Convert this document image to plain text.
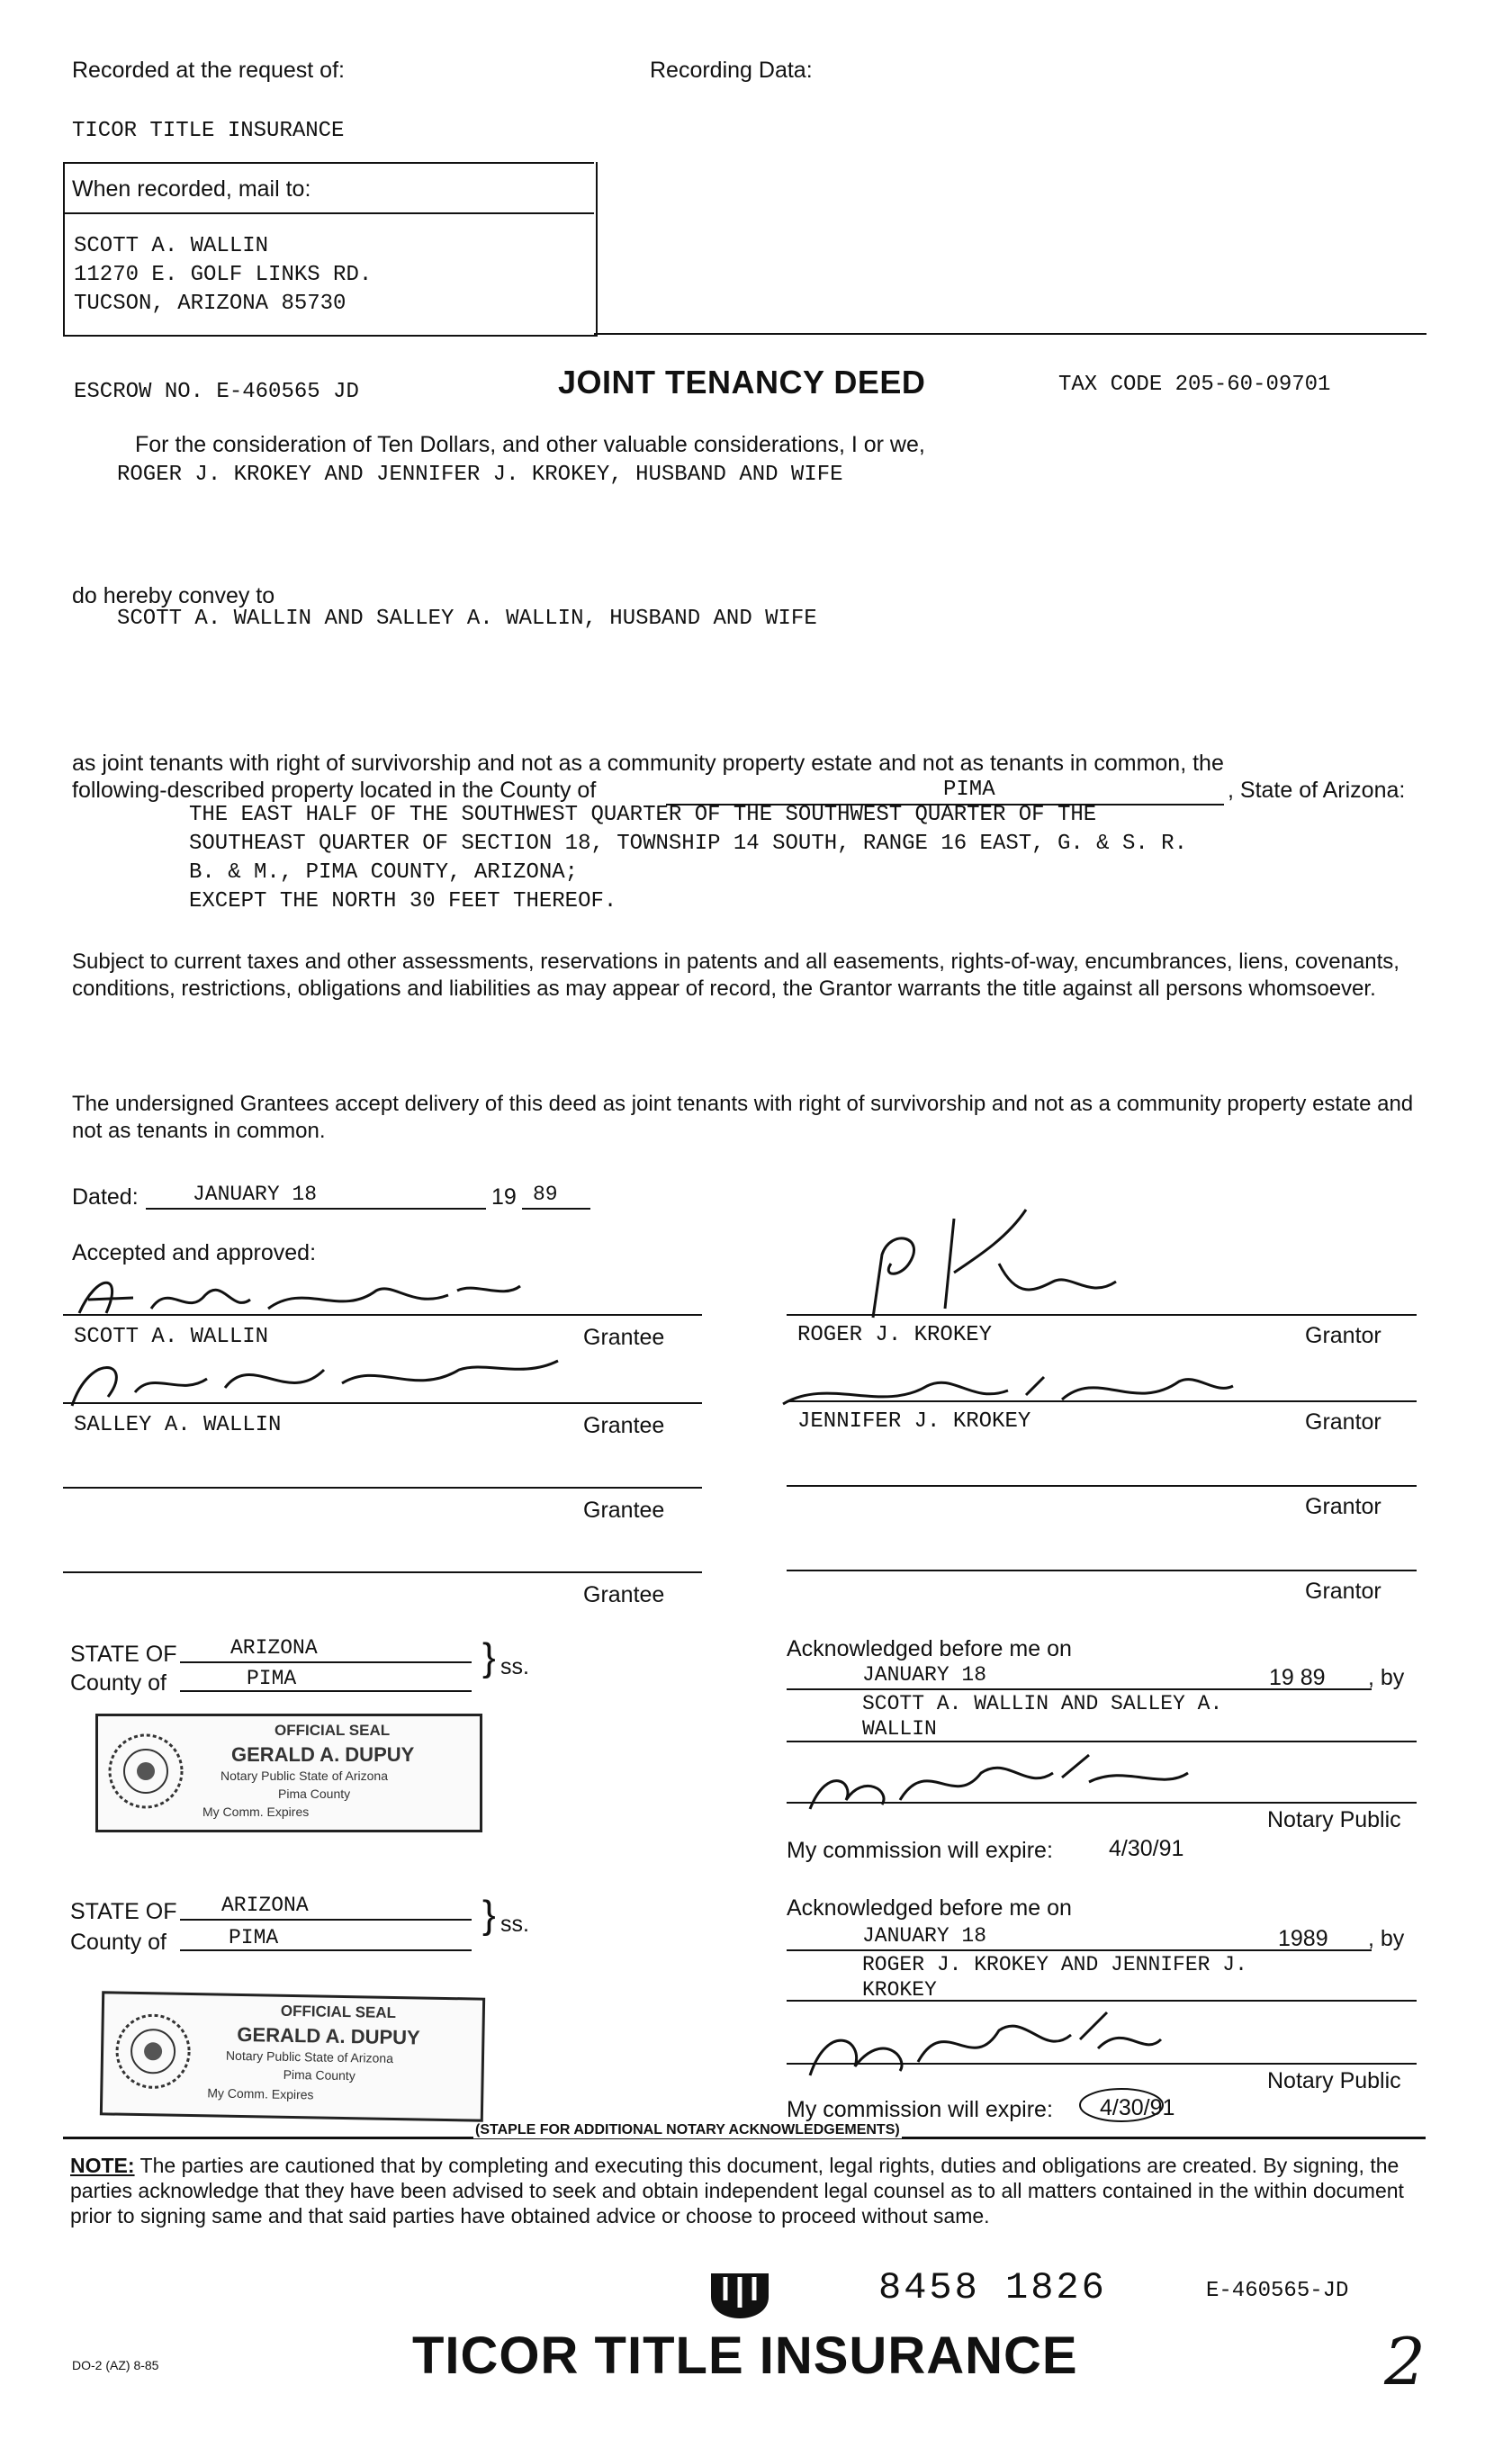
Recorded at the request of:	Recording Data:
TICOR TITLE INSURANCE
When recorded, mail to:
SCOTT A. WALLIN
11270 E. GOLF LINKS RD.
TUCSON, ARIZONA 85730
ESCROW NO. E-460565 JD	JOINT TENANCY DEED	TAX CODE 205-60-09701
For the consideration of Ten Dollars, and other valuable considerations, I or we,
ROGER J. KROKEY AND JENNIFER J. KROKEY, HUSBAND AND WIFE
do hereby convey to
SCOTT A. WALLIN AND SALLEY A. WALLIN, HUSBAND AND WIFE
as joint tenants with right of survivorship and not as a community property estate and not as tenants in common, the
following-described property located in the County of	PIMA	, State of Arizona:
THE EAST HALF OF THE SOUTHWEST QUARTER OF THE SOUTHWEST QUARTER OF THE
SOUTHEAST QUARTER OF SECTION 18, TOWNSHIP 14 SOUTH, RANGE 16 EAST, G. & S. R.
B. & M., PIMA COUNTY, ARIZONA;
EXCEPT THE NORTH 30 FEET THEREOF.
Subject to current taxes and other assessments, reservations in patents and all easements, rights-of-way, encumbrances, liens, covenants, conditions, restrictions, obligations and liabilities as may appear of record, the Grantor warrants the title against all persons whomsoever.
The undersigned Grantees accept delivery of this deed as joint tenants with right of survivorship and not as a community property estate and not as tenants in common.
Dated:	JANUARY 18	19 89
Accepted and approved:
SCOTT A. WALLIN	Grantee
SALLEY A. WALLIN	Grantee
Grantee
Grantee
ROGER J. KROKEY	Grantor
JENNIFER J. KROKEY	Grantor
Grantor
Grantor
STATE OF	ARIZONA
County of	PIMA	} ss.
OFFICIAL SEAL
GERALD A. DUPUY
Notary Public State of Arizona
Pima County
My Comm. Expires
Acknowledged before me on
JANUARY 18	19 89 , by
SCOTT A. WALLIN AND SALLEY A.
WALLIN
Notary Public
My commission will expire: 4/30/91
STATE OF ARIZONA
County of	PIMA
} ss.
OFFICIAL SEAL
GERALD A. DUPUY
Notary Public State of Arizona
Pima County
My Comm. Expires
Acknowledged before me on
JANUARY 18	1989 , by
ROGER J. KROKEY AND JENNIFER J.
KROKEY
Notary Public
My commission will expire: 4/30/91
(STAPLE FOR ADDITIONAL NOTARY ACKNOWLEDGEMENTS)
NOTE: The parties are cautioned that by completing and executing this document, legal rights, duties and obligations are created. By signing, the parties acknowledge that they have been advised to seek and obtain independent legal counsel as to all matters contained in the within document prior to signing same and that said parties have obtained advice or choose to proceed without same.
8458 1826	E-460565-JD
DO-2 (AZ) 8-85	TICOR TITLE INSURANCE	2
